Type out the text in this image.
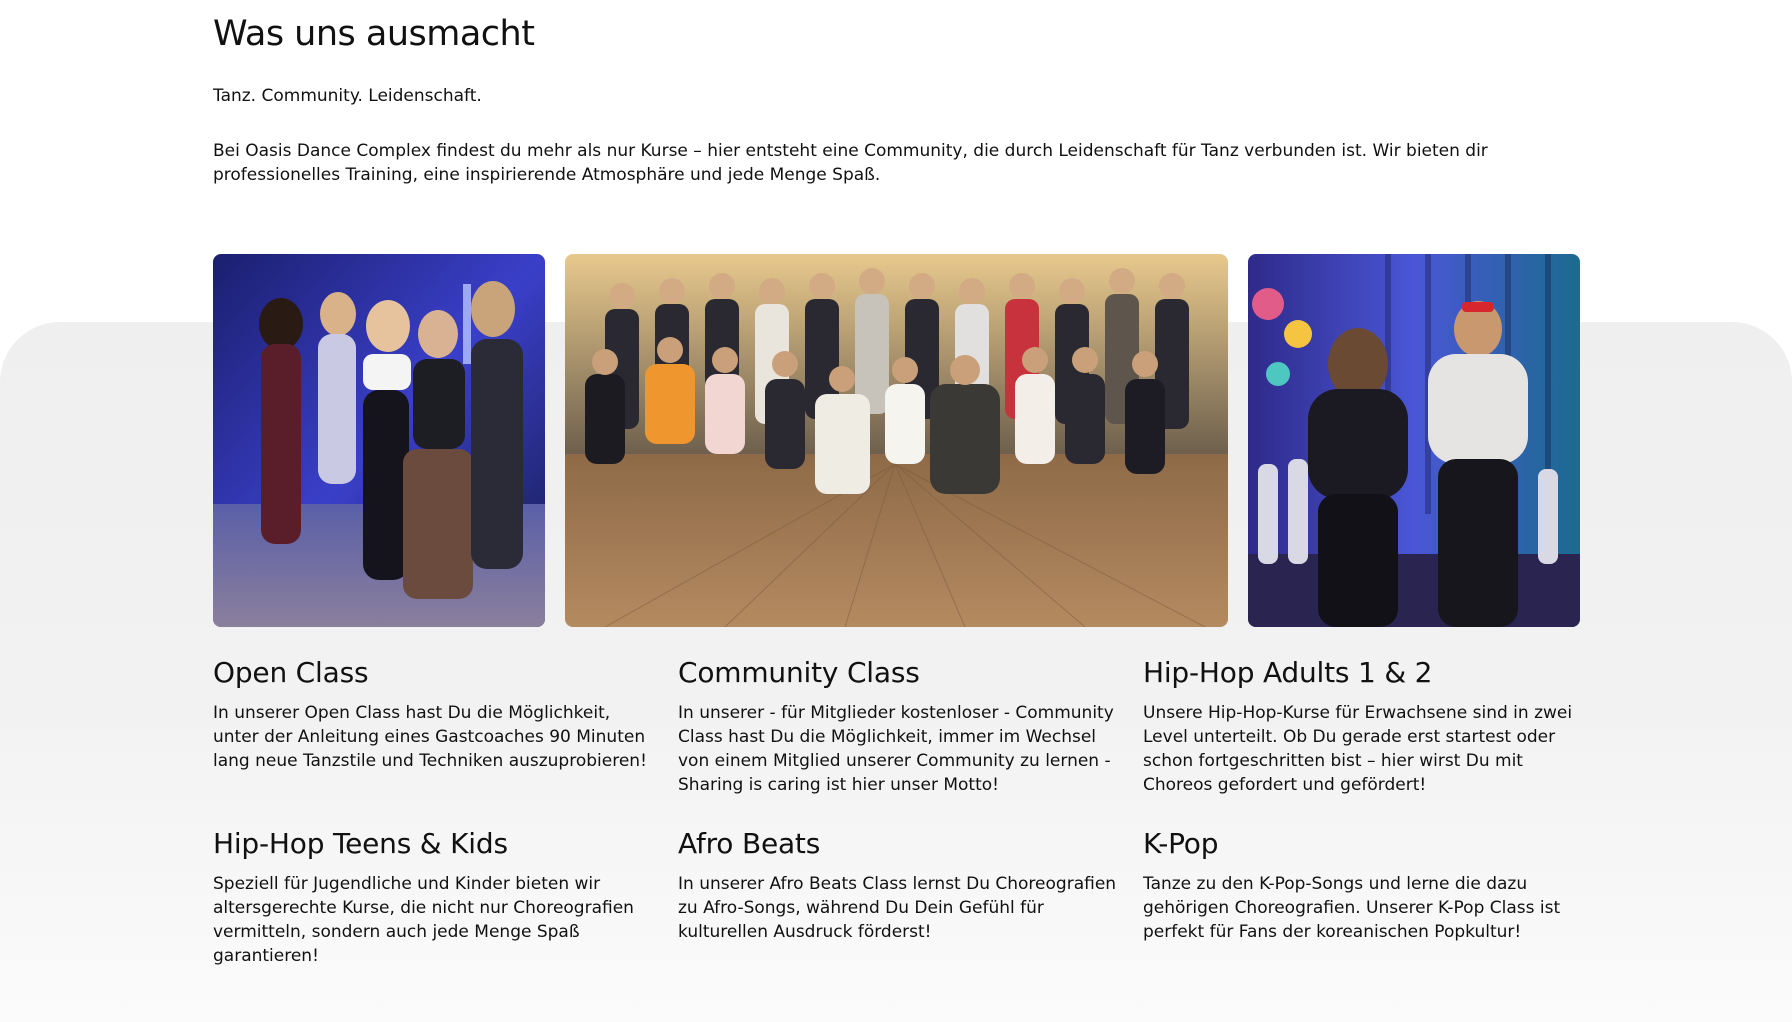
Was uns ausmacht

Tanz. Community. Leidenschaft.

Bei Oasis Dance Complex findest du mehr als nur Kurse – hier entsteht eine Community, die durch Leidenschaft für Tanz verbunden ist. Wir bieten dir professionelles Training, eine inspirierende Atmosphäre und jede Menge Spaß.

Open Class

In unserer Open Class hast Du die Möglichkeit, unter der Anleitung eines Gastcoaches 90 Minuten lang neue Tanzstile und Techniken auszuprobieren!

Community Class

In unserer - für Mitglieder kostenloser - Community Class hast Du die Möglichkeit, immer im Wechsel von einem Mitglied unserer Community zu lernen - Sharing is caring ist hier unser Motto!

Hip-Hop Adults 1 & 2

Unsere Hip-Hop-Kurse für Erwachsene sind in zwei Level unterteilt. Ob Du gerade erst startest oder schon fortgeschritten bist – hier wirst Du mit Choreos gefordert und gefördert!

Hip-Hop Teens & Kids

Speziell für Jugendliche und Kinder bieten wir altersgerechte Kurse, die nicht nur Choreografien vermitteln, sondern auch jede Menge Spaß garantieren!

Afro Beats

In unserer Afro Beats Class lernst Du Choreografien zu Afro-Songs, während Du Dein Gefühl für kulturellen Ausdruck förderst!

K-Pop

Tanze zu den K-Pop-Songs und lerne die dazu gehörigen Choreografien. Unserer K-Pop Class ist perfekt für Fans der koreanischen Popkultur!
